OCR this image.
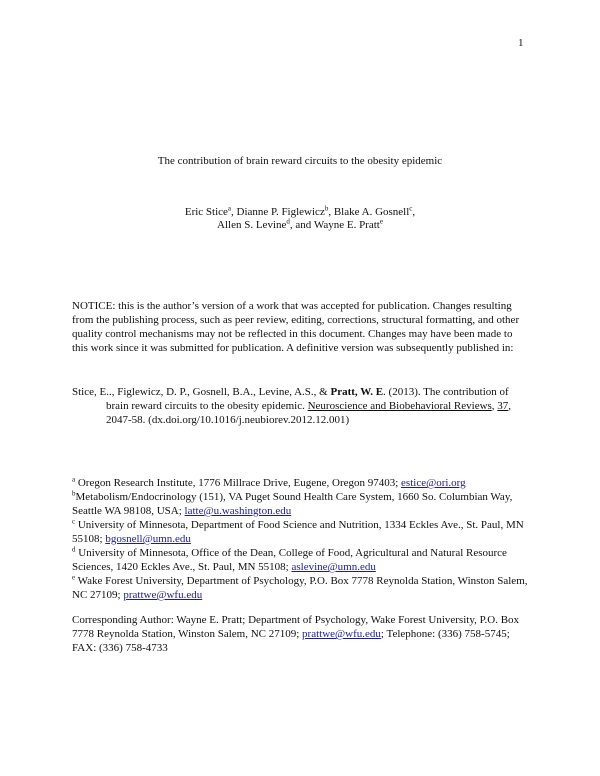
1
The contribution of brain reward circuits to the obesity epidemic
Eric Stice$^a$, Dianne P. Figlewicz$^b$, Blake A. Gosnell$^c$,
Allen S. Levine$^d$, and Wayne E. Pratt$^e$

NOTICE: this is the author’s version of a work that was accepted for publication. Changes resulting from the publishing process, such as peer review, editing, corrections, structural formatting, and other quality control mechanisms may not be reflected in this document. Changes may have been made to this work since it was submitted for publication. A definitive version was subsequently published in:

Stice, E.., Figlewicz, D. P., Gosnell, B.A., Levine, A.S., & Pratt, W. E. (2013). The contribution of brain reward circuits to the obesity epidemic. Neuroscience and Biobehavioral Reviews, 37, 2047-58. (dx.doi.org/10.1016/j.neubiorev.2012.12.001)

$^a$ Oregon Research Institute, 1776 Millrace Drive, Eugene, Oregon 97403; estice@ori.org

$^b$Metabolism/Endocrinology (151), VA Puget Sound Health Care System, 1660 So. Columbian Way, Seattle WA 98108, USA; latte@u.washington.edu

$^c$ University of Minnesota, Department of Food Science and Nutrition, 1334 Eckles Ave., St. Paul, MN 55108; bgosnell@umn.edu

$^d$ University of Minnesota, Office of the Dean, College of Food, Agricultural and Natural Resource Sciences, 1420 Eckles Ave., St. Paul, MN 55108; aslevine@umn.edu

$^e$ Wake Forest University, Department of Psychology, P.O. Box 7778 Reynolda Station, Winston Salem, NC 27109; prattwe@wfu.edu

Corresponding Author: Wayne E. Pratt; Department of Psychology, Wake Forest University, P.O. Box 7778 Reynolda Station, Winston Salem, NC 27109; prattwe@wfu.edu; Telephone: (336) 758-5745; FAX: (336) 758-4733
